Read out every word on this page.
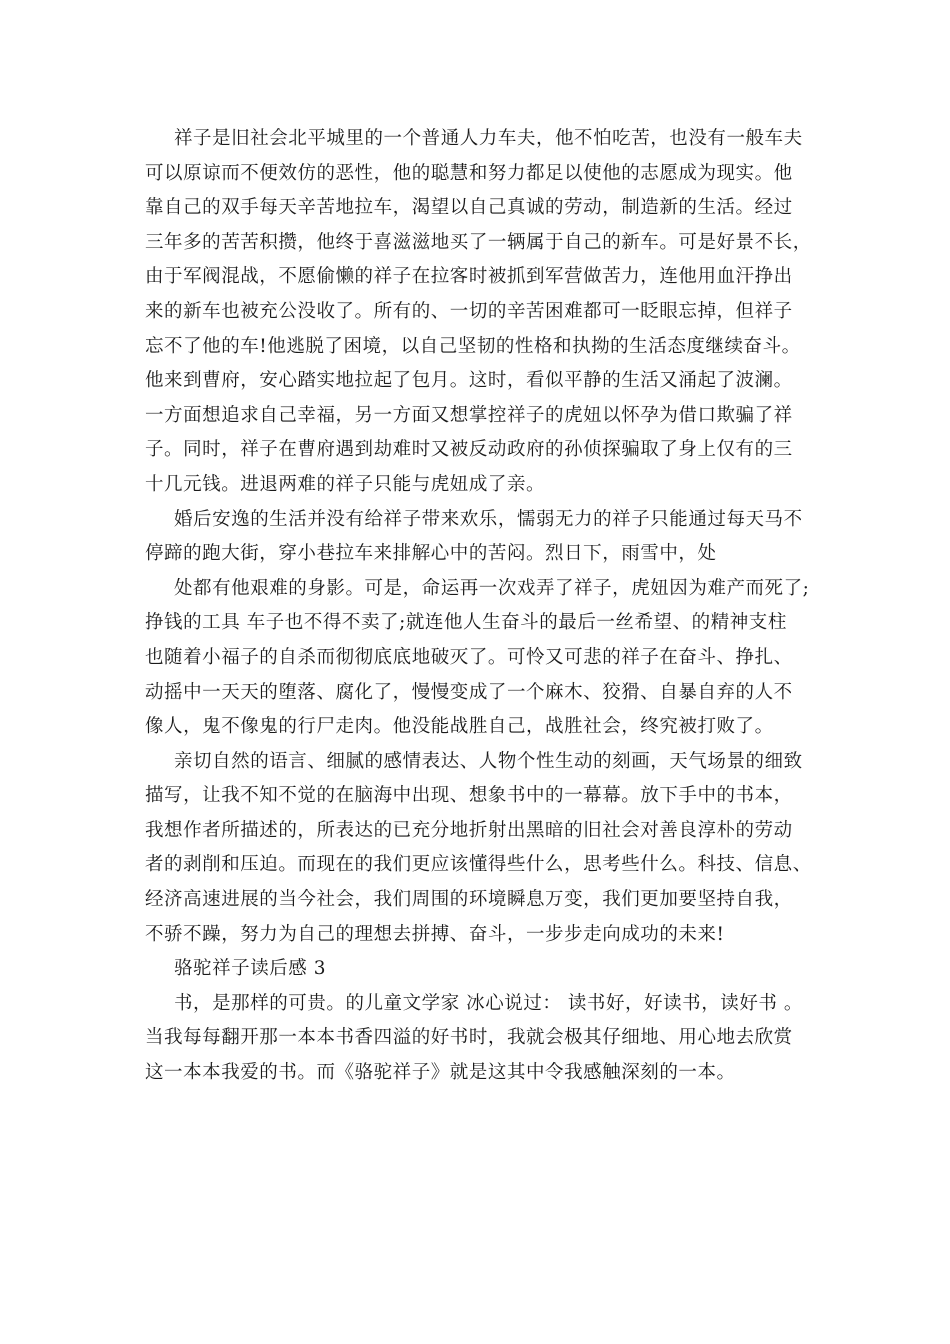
祥子是旧社会北平城里的一个普通人力车夫，他不怕吃苦，也没有一般车夫
可以原谅而不便效仿的恶性，他的聪慧和努力都足以使他的志愿成为现实。他
靠自己的双手每天辛苦地拉车，渴望以自己真诚的劳动，制造新的生活。经过
三年多的苦苦积攒，他终于喜滋滋地买了一辆属于自己的新车。可是好景不长，
由于军阀混战，不愿偷懒的祥子在拉客时被抓到军营做苦力，连他用血汗挣出
来的新车也被充公没收了。所有的、一切的辛苦困难都可一眨眼忘掉，但祥子
忘不了他的车!他逃脱了困境，以自己坚韧的性格和执拗的生活态度继续奋斗。
他来到曹府，安心踏实地拉起了包月。这时，看似平静的生活又涌起了波澜。
一方面想追求自己幸福，另一方面又想掌控祥子的虎妞以怀孕为借口欺骗了祥
子。同时，祥子在曹府遇到劫难时又被反动政府的孙侦探骗取了身上仅有的三
十几元钱。进退两难的祥子只能与虎妞成了亲。
婚后安逸的生活并没有给祥子带来欢乐，懦弱无力的祥子只能通过每天马不
停蹄的跑大街，穿小巷拉车来排解心中的苦闷。烈日下，雨雪中，处
处都有他艰难的身影。可是，命运再一次戏弄了祥子，虎妞因为难产而死了;
挣钱的工具 车子也不得不卖了;就连他人生奋斗的最后一丝希望、的精神支柱
也随着小福子的自杀而彻彻底底地破灭了。可怜又可悲的祥子在奋斗、挣扎、
动摇中一天天的堕落、腐化了，慢慢变成了一个麻木、狡猾、自暴自弃的人不
像人，鬼不像鬼的行尸走肉。他没能战胜自己，战胜社会，终究被打败了。
亲切自然的语言、细腻的感情表达、人物个性生动的刻画，天气场景的细致
描写，让我不知不觉的在脑海中出现、想象书中的一幕幕。放下手中的书本，
我想作者所描述的，所表达的已充分地折射出黑暗的旧社会对善良淳朴的劳动
者的剥削和压迫。而现在的我们更应该懂得些什么，思考些什么。科技、信息、
经济高速进展的当今社会，我们周围的环境瞬息万变，我们更加要坚持自我，
不骄不躁，努力为自己的理想去拼搏、奋斗，一步步走向成功的未来!
骆驼祥子读后感 3
书，是那样的可贵。的儿童文学家 冰心说过： 读书好，好读书，读好书 。
当我每每翻开那一本本书香四溢的好书时，我就会极其仔细地、用心地去欣赏
这一本本我爱的书。而《骆驼祥子》就是这其中令我感触深刻的一本。
